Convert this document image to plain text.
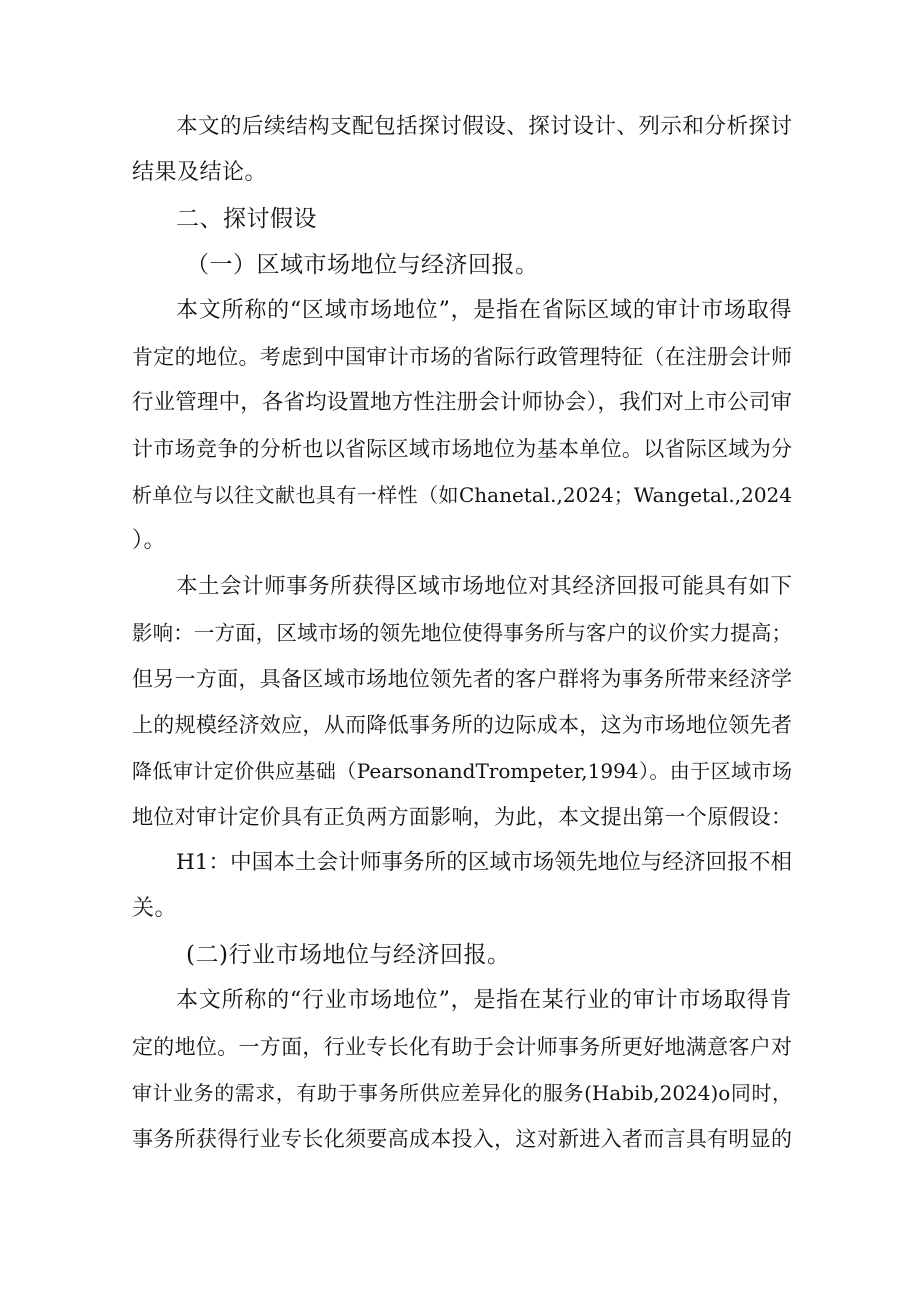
本文的后续结构支配包括探讨假设、探讨设计、列示和分析探讨
结果及结论。
二、探讨假设
（一）区域市场地位与经济回报。
本文所称的“区域市场地位”，是指在省际区域的审计市场取得
肯定的地位。考虑到中国审计市场的省际行政管理特征（在注册会计师
行业管理中，各省均设置地方性注册会计师协会），我们对上市公司审
计市场竞争的分析也以省际区域市场地位为基本单位。以省际区域为分
析单位与以往文献也具有一样性（如Chanetal.,2024；Wangetal.,2024
）。
本土会计师事务所获得区域市场地位对其经济回报可能具有如下
影响：一方面，区域市场的领先地位使得事务所与客户的议价实力提高；
但另一方面，具备区域市场地位领先者的客户群将为事务所带来经济学
上的规模经济效应，从而降低事务所的边际成本，这为市场地位领先者
降低审计定价供应基础（PearsonandTrompeter,1994）。由于区域市场
地位对审计定价具有正负两方面影响，为此，本文提出第一个原假设：
H1：中国本土会计师事务所的区域市场领先地位与经济回报不相
关。
(二)行业市场地位与经济回报。
本文所称的“行业市场地位”，是指在某行业的审计市场取得肯
定的地位。一方面，行业专长化有助于会计师事务所更好地满意客户对
审计业务的需求，有助于事务所供应差异化的服务(Habib,2024)o同时，
事务所获得行业专长化须要高成本投入，这对新进入者而言具有明显的
